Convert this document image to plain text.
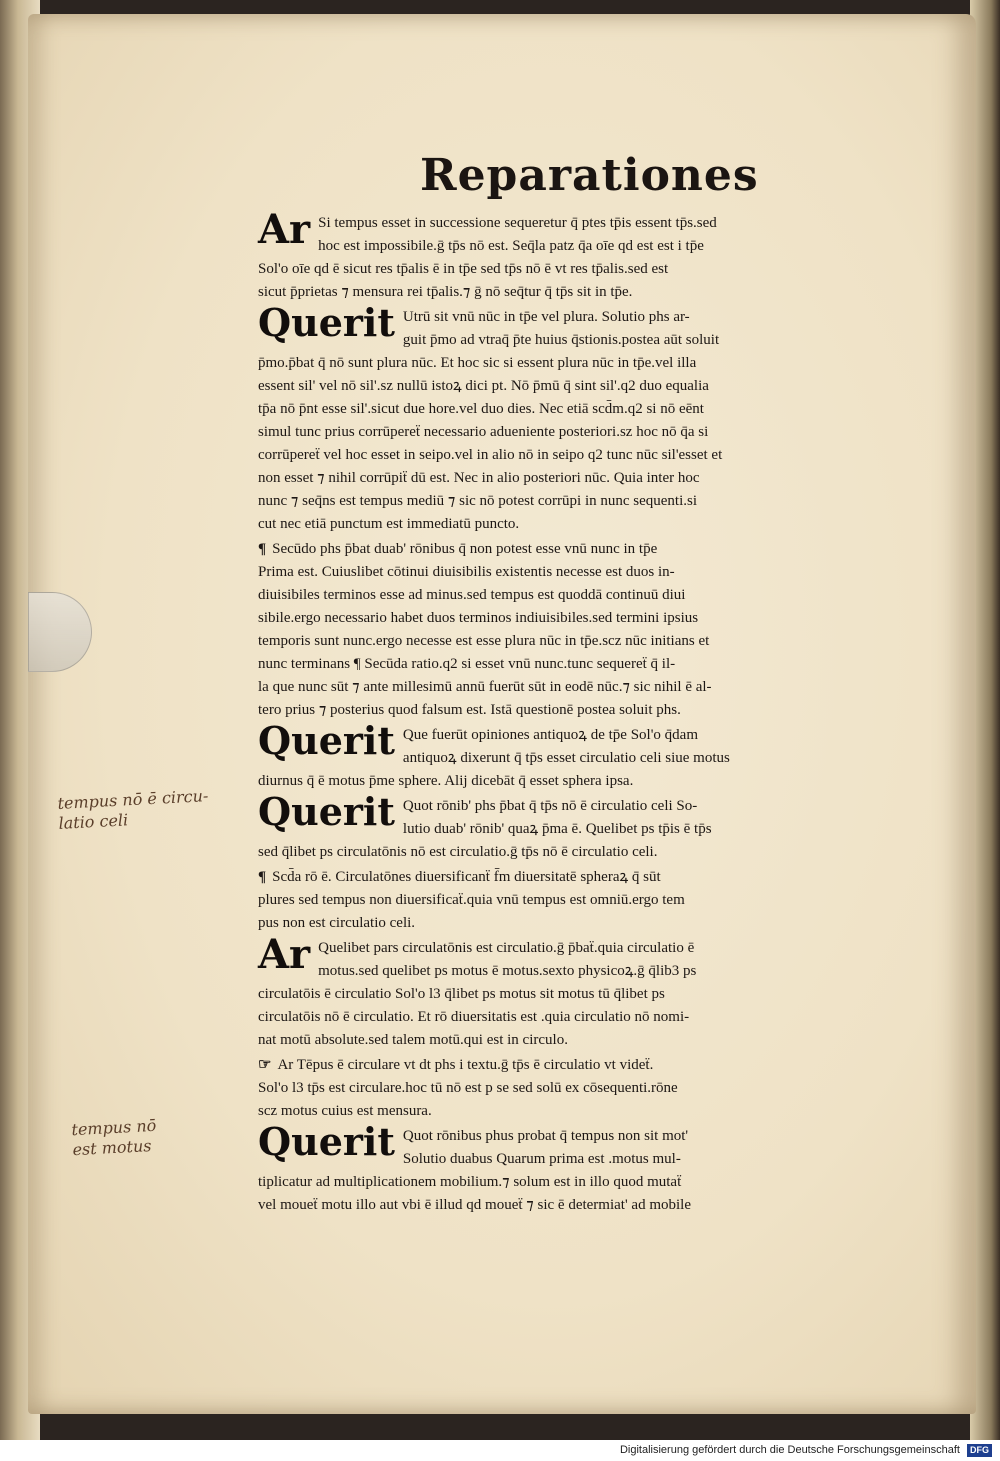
Reparationes
Ar Si tempus esset in successione sequeretur q̄ ptes tp̄is essent tp̄s.sed
hoc est impossibile.ḡ tp̄s nō est. Seq̄la patz q̄a oīe qd est est i tp̄e
Sol'o oīe qd ē sicut res tp̄alis ē in tp̄e sed tp̄s nō ē vt res tp̄alis.sed est
sicut p̄prietas ⁊ mensura rei tp̄alis.⁊ ḡ nō seq̄tur q̄ tp̄s sit in tp̄e.
Querit Utrū sit vnū nūc in tp̄e vel plura. Solutio phs ar-
guit p̄mo ad vtraq̄ p̄te huius q̄stionis.postea aūt soluit
p̄mo.p̄bat q̄ nō sunt plura nūc. Et hoc sic si essent plura nūc in tp̄e.vel illa
essent sil' vel nō sil'.sz nullū istoꝝ dici pt. Nō p̄mū q̄ sint sil'.q2 duo equalia
tp̄a nō p̄nt esse sil'.sicut due hore.vel duo dies. Nec etiā scd̄m.q2 si nō eēnt
simul tunc prius corrūpereẗ necessario adueniente posteriori.sz hoc nō q̄a si
corrūpereẗ vel hoc esset in seipo.vel in alio nō in seipo q2 tunc nūc sil'esset et
non esset ⁊ nihil corrūpiẗ dū est. Nec in alio posteriori nūc. Quia inter hoc
nunc ⁊ seq̄ns est tempus mediū ⁊ sic nō potest corrūpi in nunc sequenti.si
cut nec etiā punctum est immediatū puncto.
¶ Secūdo phs p̄bat duab' rōnibus q̄ non potest esse vnū nunc in tp̄e
Prima est. Cuiuslibet cōtinui diuisibilis existentis necesse est duos in-
diuisibiles terminos esse ad minus.sed tempus est quoddā continuū diui
sibile.ergo necessario habet duos terminos indiuisibiles.sed termini ipsius
temporis sunt nunc.ergo necesse est esse plura nūc in tp̄e.scz nūc initians et
nunc terminans ¶ Secūda ratio.q2 si esset vnū nunc.tunc sequereẗ q̄ il-
la que nunc sūt ⁊ ante millesimū annū fuerūt sūt in eodē nūc.⁊ sic nihil ē al-
tero prius ⁊ posterius quod falsum est. Istā questionē postea soluit phs.
Querit Que fuerūt opiniones antiquoꝝ de tp̄e Sol'o q̄dam
antiquoꝝ dixerunt q̄ tp̄s esset circulatio celi siue motus
diurnus q̄ ē motus p̄me sphere. Alij dicebāt q̄ esset sphera ipsa.
Querit Quot rōnib' phs p̄bat q̄ tp̄s nō ē circulatio celi So-
lutio duab' rōnib' quaꝝ p̄ma ē. Quelibet ps tp̄is ē tp̄s
sed q̄libet ps circulatōnis nō est circulatio.ḡ tp̄s nō ē circulatio celi.
¶ Scd̄a rō ē. Circulatōnes diuersificanẗ f̄m diuersitatē spheraꝝ q̄ sūt
plures sed tempus non diuersificaẗ.quia vnū tempus est omniū.ergo tem
pus non est circulatio celi.
Ar Quelibet pars circulatōnis est circulatio.ḡ p̄baẗ.quia circulatio ē
motus.sed quelibet ps motus ē motus.sexto physicoꝝ.ḡ q̄lib3 ps
circulatōis ē circulatio Sol'o l3 q̄libet ps motus sit motus tū q̄libet ps
circulatōis nō ē circulatio. Et rō diuersitatis est .quia circulatio nō nomi-
nat motū absolute.sed talem motū.qui est in circulo.
☞ Ar Tēpus ē circulare vt dt phs i textu.ḡ tp̄s ē circulatio vt videẗ.
Sol'o l3 tp̄s est circulare.hoc tū nō est p se sed solū ex cōsequenti.rōne
scz motus cuius est mensura.
Querit Quot rōnibus phus probat q̄ tempus non sit mot'
Solutio duabus Quarum prima est .motus mul-
tiplicatur ad multiplicationem mobilium.⁊ solum est in illo quod mutaẗ
vel moueẗ motu illo aut vbi ē illud qd moueẗ ⁊ sic ē determiat' ad mobile
tempus nō ē circu-
latio celi
tempus nō
est motus
Digitalisierung gefördert durch die Deutsche Forschungsgemeinschaft DFG
